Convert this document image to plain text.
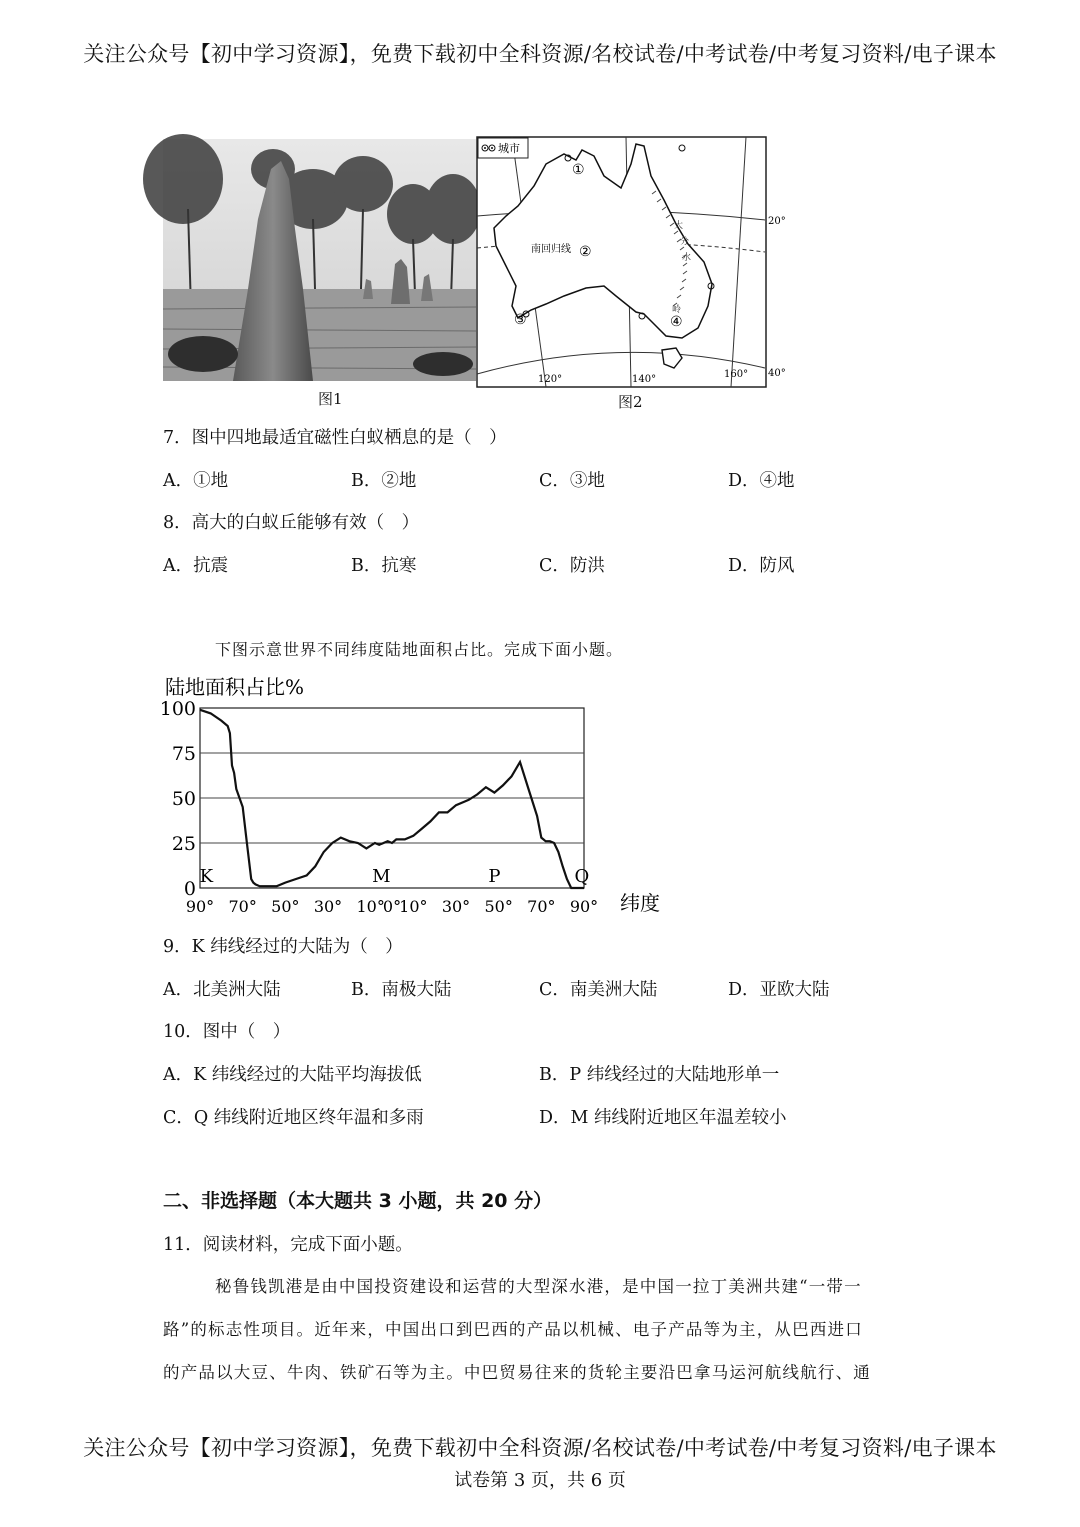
关注公众号【初中学习资源】，免费下载初中全科资源/名校试卷/中考试卷/中考复习资料/电子课本
图1
大
分
水
岭
城市
①
②
③	④
南回归线
20°
40°
120°	140°	160°
图2
7．图中四地最适宜磁性白蚁栖息的是（　）
A．①地	B．②地	C．③地	D．④地
8．高大的白蚁丘能够有效（　）
A．抗震	B．抗寒	C．防洪	D．防风
下图示意世界不同纬度陆地面积占比。完成下面小题。
陆地面积占比%
0
25
50
75
100
90° 70° 50° 30° 10°
0°
10° 30° 50° 70° 90°
K	M	P	Q
纬度
9．K 纬线经过的大陆为（　）
A．北美洲大陆	B．南极大陆	C．南美洲大陆	D．亚欧大陆
10．图中（　）
A．K 纬线经过的大陆平均海拔低	B．P 纬线经过的大陆地形单一
C．Q 纬线附近地区终年温和多雨	D．M 纬线附近地区年温差较小
二、非选择题（本大题共 3 小题，共 20 分）
11．阅读材料，完成下面小题。
秘鲁钱凯港是由中国投资建设和运营的大型深水港，是中国一拉丁美洲共建“一带一
路”的标志性项目。近年来，中国出口到巴西的产品以机械、电子产品等为主，从巴西进口
的产品以大豆、牛肉、铁矿石等为主。中巴贸易往来的货轮主要沿巴拿马运河航线航行、通
关注公众号【初中学习资源】，免费下载初中全科资源/名校试卷/中考试卷/中考复习资料/电子课本
试卷第 3 页，共 6 页
